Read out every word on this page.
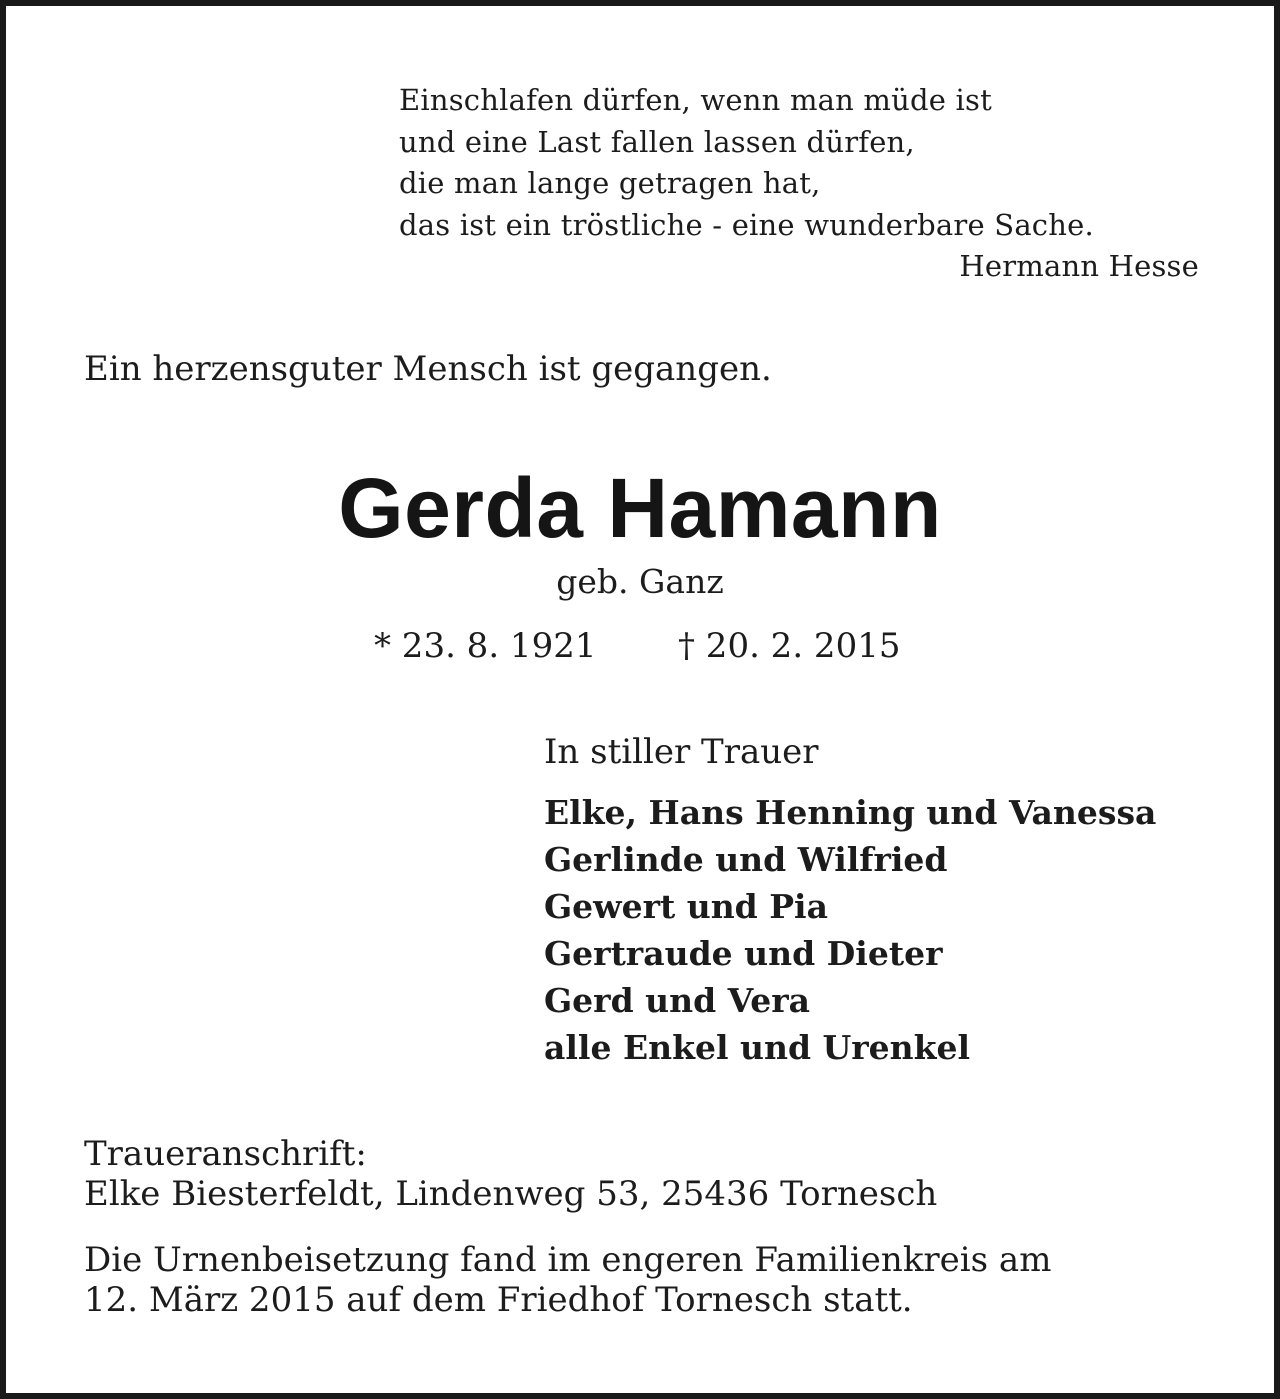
Einschlafen dürfen, wenn man müde ist
und eine Last fallen lassen dürfen,
die man lange getragen hat,
das ist ein tröstliche - eine wunderbare Sache.
Hermann Hesse
Ein herzensguter Mensch ist gegangen.
Gerda Hamann
geb. Ganz
* 23. 8. 1921 † 20. 2. 2015
In stiller Trauer
Elke, Hans Henning und Vanessa
Gerlinde und Wilfried
Gewert und Pia
Gertraude und Dieter
Gerd und Vera
alle Enkel und Urenkel
Traueranschrift:
Elke Biesterfeldt, Lindenweg 53, 25436 Tornesch
Die Urnenbeisetzung fand im engeren Familienkreis am
12. März 2015 auf dem Friedhof Tornesch statt.
